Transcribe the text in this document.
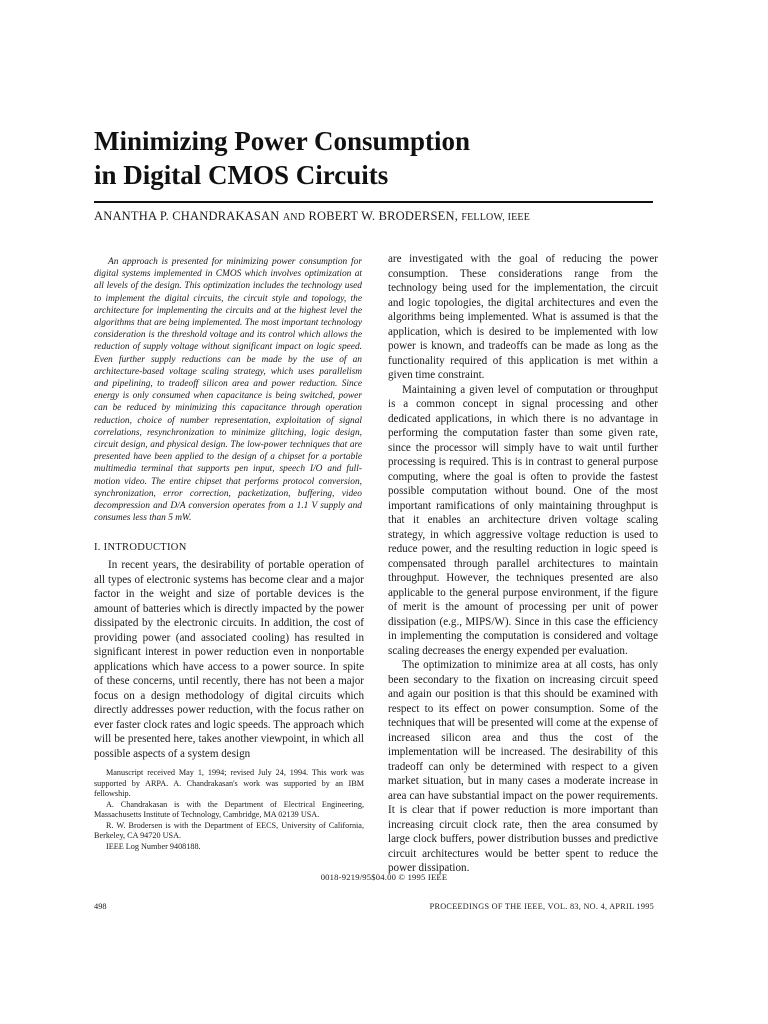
Minimizing Power Consumption
in Digital CMOS Circuits
ANANTHA P. CHANDRAKASAN AND ROBERT W. BRODERSEN, FELLOW, IEEE

An approach is presented for minimizing power consumption for digital systems implemented in CMOS which involves optimization at all levels of the design. This optimization includes the technology used to implement the digital circuits, the circuit style and topology, the architecture for implementing the circuits and at the highest level the algorithms that are being implemented. The most important technology consideration is the threshold voltage and its control which allows the reduction of supply voltage without significant impact on logic speed. Even further supply reductions can be made by the use of an architecture-based voltage scaling strategy, which uses parallelism and pipelining, to tradeoff silicon area and power reduction. Since energy is only consumed when capacitance is being switched, power can be reduced by minimizing this capacitance through operation reduction, choice of number representation, exploitation of signal correlations, resynchronization to minimize glitching, logic design, circuit design, and physical design. The low-power techniques that are presented have been applied to the design of a chipset for a portable multimedia terminal that supports pen input, speech I/O and full-motion video. The entire chipset that performs protocol conversion, synchronization, error correction, packetization, buffering, video decompression and D/A conversion operates from a 1.1 V supply and consumes less than 5 mW.

I. INTRODUCTION

In recent years, the desirability of portable operation of all types of electronic systems has become clear and a major factor in the weight and size of portable devices is the amount of batteries which is directly impacted by the power dissipated by the electronic circuits. In addition, the cost of providing power (and associated cooling) has resulted in significant interest in power reduction even in nonportable applications which have access to a power source. In spite of these concerns, until recently, there has not been a major focus on a design methodology of digital circuits which directly addresses power reduction, with the focus rather on ever faster clock rates and logic speeds. The approach which will be presented here, takes another viewpoint, in which all possible aspects of a system design

Manuscript received May 1, 1994; revised July 24, 1994. This work was supported by ARPA. A. Chandrakasan's work was supported by an IBM fellowship.

A. Chandrakasan is with the Department of Electrical Engineering, Massachusetts Institute of Technology, Cambridge, MA 02139 USA.

R. W. Brodersen is with the Department of EECS, University of California, Berkeley, CA 94720 USA.

IEEE Log Number 9408188.

are investigated with the goal of reducing the power consumption. These considerations range from the technology being used for the implementation, the circuit and logic topologies, the digital architectures and even the algorithms being implemented. What is assumed is that the application, which is desired to be implemented with low power is known, and tradeoffs can be made as long as the functionality required of this application is met within a given time constraint.

Maintaining a given level of computation or throughput is a common concept in signal processing and other dedicated applications, in which there is no advantage in performing the computation faster than some given rate, since the processor will simply have to wait until further processing is required. This is in contrast to general purpose computing, where the goal is often to provide the fastest possible computation without bound. One of the most important ramifications of only maintaining throughput is that it enables an architecture driven voltage scaling strategy, in which aggressive voltage reduction is used to reduce power, and the resulting reduction in logic speed is compensated through parallel architectures to maintain throughput. However, the techniques presented are also applicable to the general purpose environment, if the figure of merit is the amount of processing per unit of power dissipation (e.g., MIPS/W). Since in this case the efficiency in implementing the computation is considered and voltage scaling decreases the energy expended per evaluation.

The optimization to minimize area at all costs, has only been secondary to the fixation on increasing circuit speed and again our position is that this should be examined with respect to its effect on power consumption. Some of the techniques that will be presented will come at the expense of increased silicon area and thus the cost of the implementation will be increased. The desirability of this tradeoff can only be determined with respect to a given market situation, but in many cases a moderate increase in area can have substantial impact on the power requirements. It is clear that if power reduction is more important than increasing circuit clock rate, then the area consumed by large clock buffers, power distribution busses and predictive circuit architectures would be better spent to reduce the power dissipation.

0018-9219/95$04.00 © 1995 IEEE
498	PROCEEDINGS OF THE IEEE, VOL. 83, NO. 4, APRIL 1995
